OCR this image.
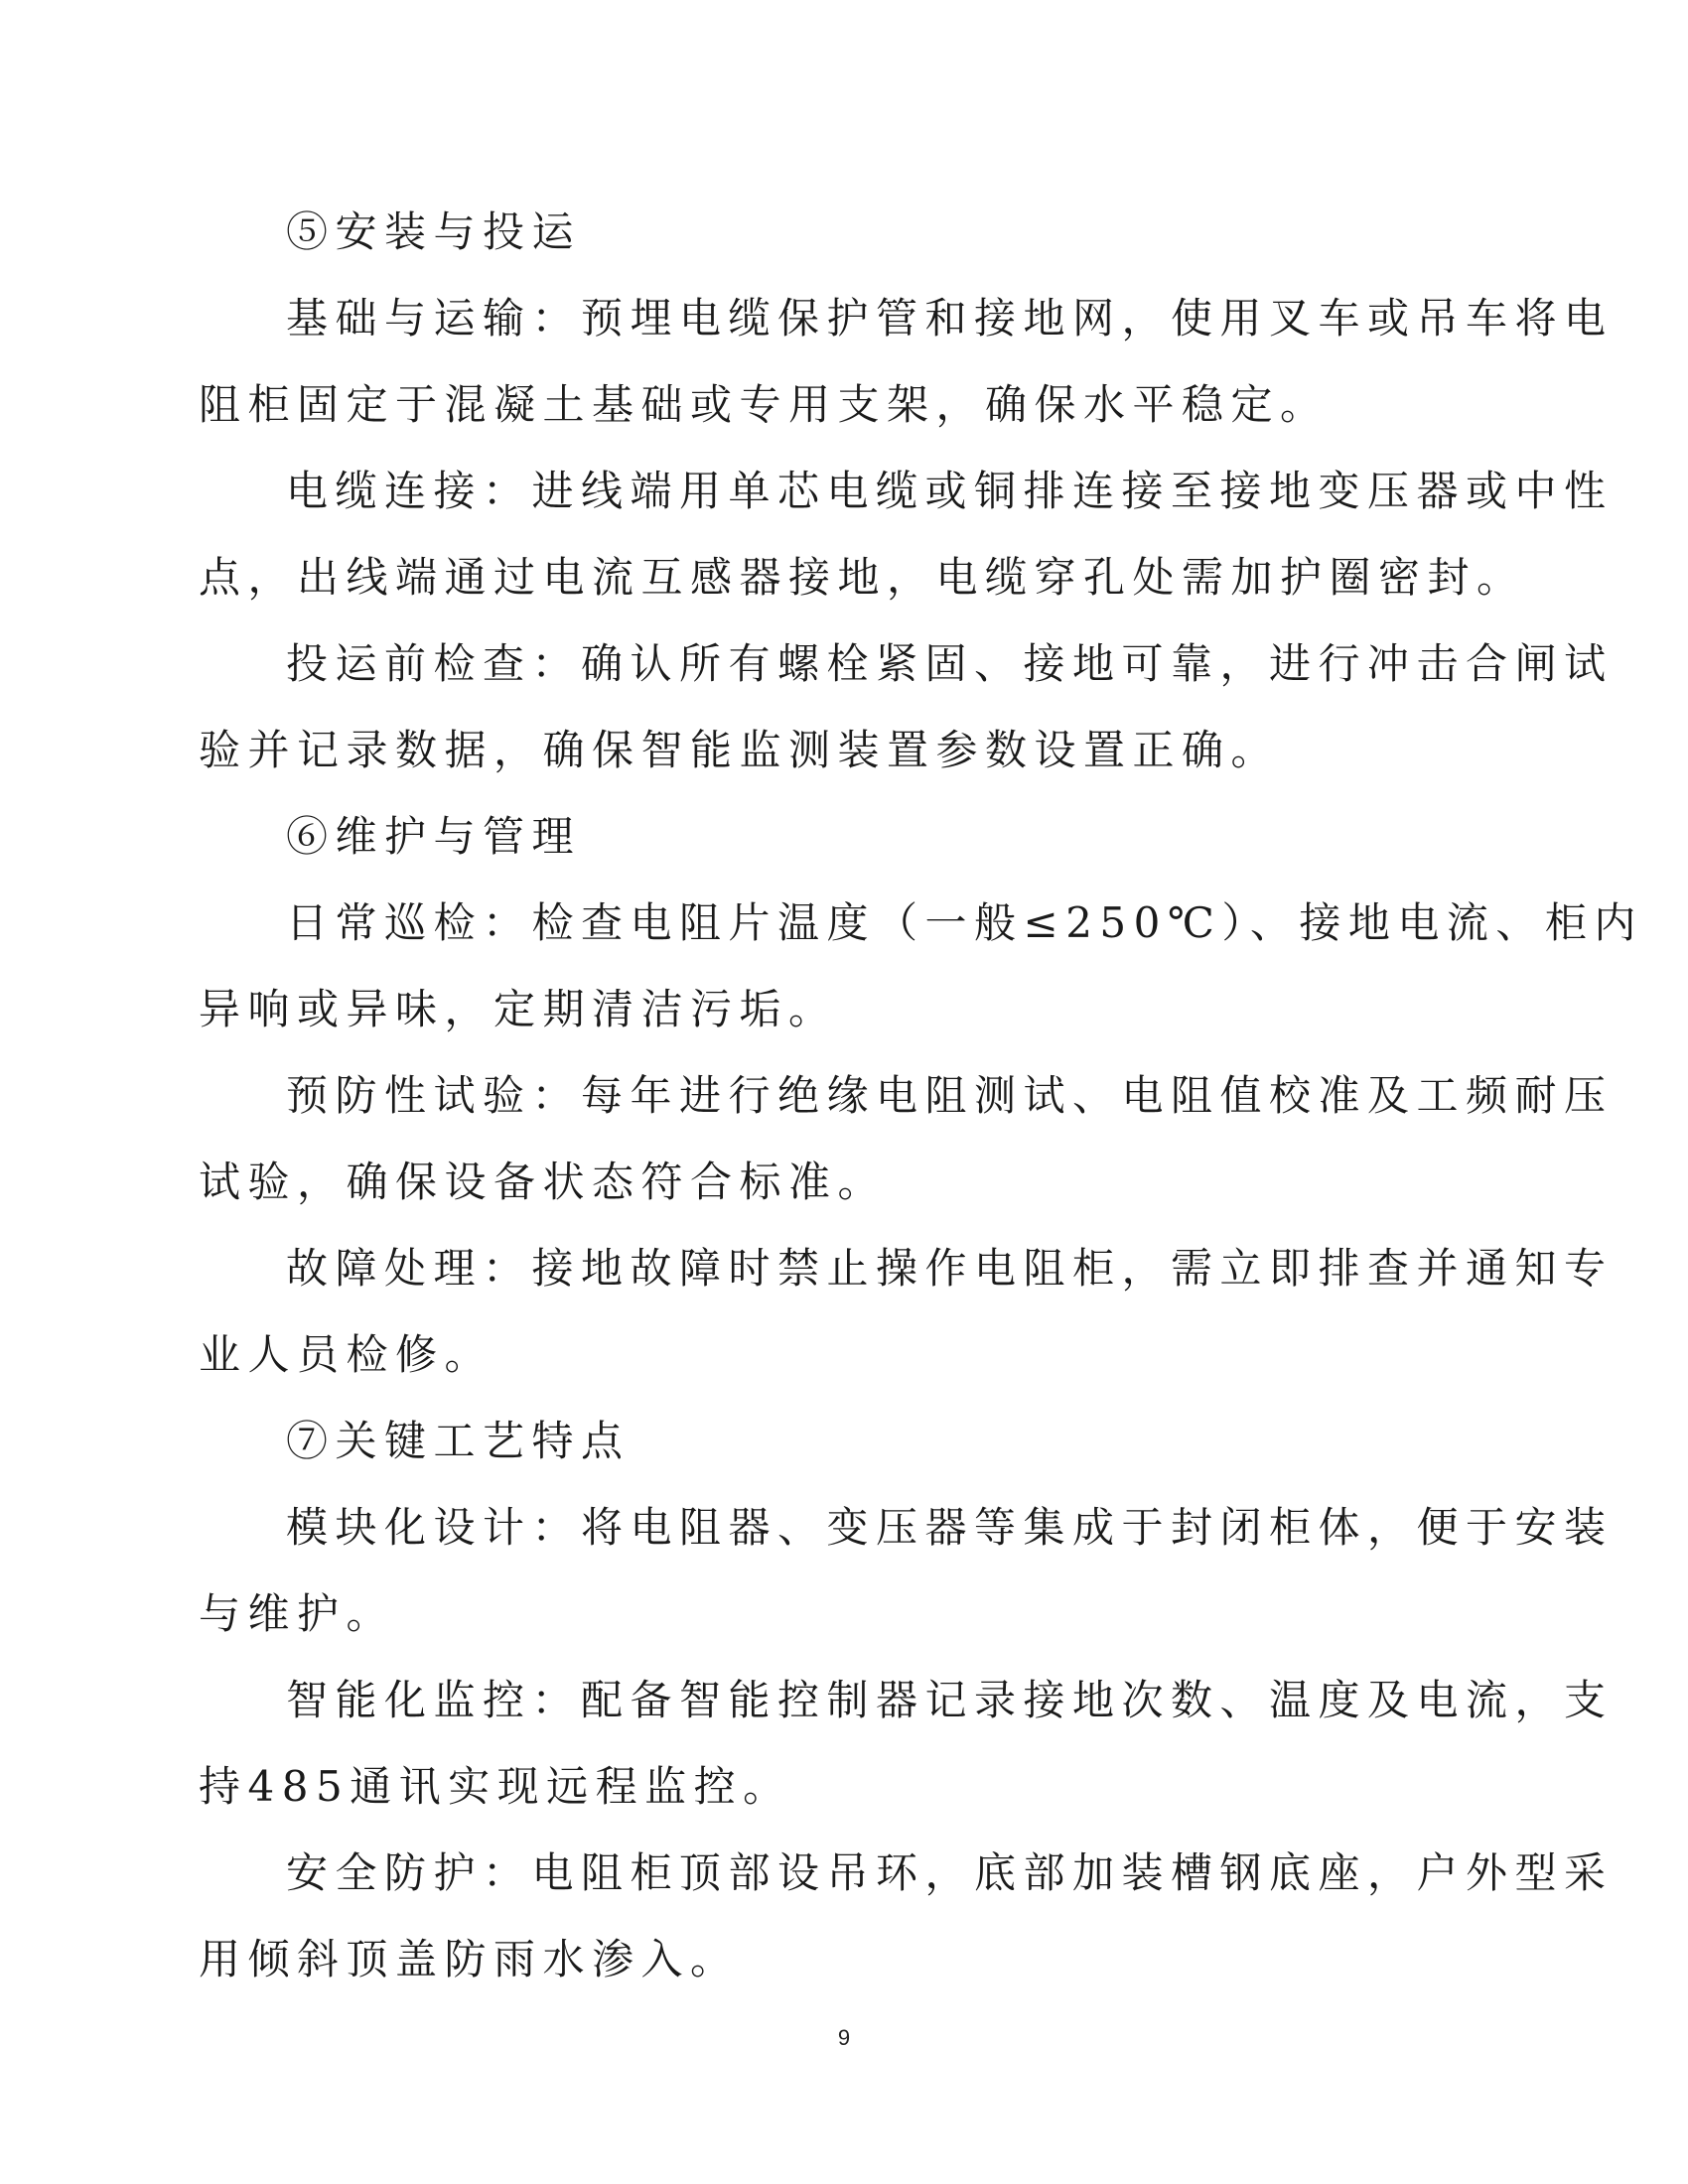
⑤安装与投运
基础与运输：预埋电缆保护管和接地网，使用叉车或吊车将电
阻柜固定于混凝土基础或专用支架，确保水平稳定。
电缆连接：进线端用单芯电缆或铜排连接至接地变压器或中性
点，出线端通过电流互感器接地，电缆穿孔处需加护圈密封。
投运前检查：确认所有螺栓紧固、接地可靠，进行冲击合闸试
验并记录数据，确保智能监测装置参数设置正确。
⑥维护与管理
日常巡检：检查电阻片温度（一般≤250℃）、接地电流、柜内
异响或异味，定期清洁污垢。
预防性试验：每年进行绝缘电阻测试、电阻值校准及工频耐压
试验，确保设备状态符合标准。
故障处理：接地故障时禁止操作电阻柜，需立即排查并通知专
业人员检修。
⑦关键工艺特点
模块化设计：将电阻器、变压器等集成于封闭柜体，便于安装
与维护。
智能化监控：配备智能控制器记录接地次数、温度及电流，支
持485通讯实现远程监控。
安全防护：电阻柜顶部设吊环，底部加装槽钢底座，户外型采
用倾斜顶盖防雨水渗入。
9
